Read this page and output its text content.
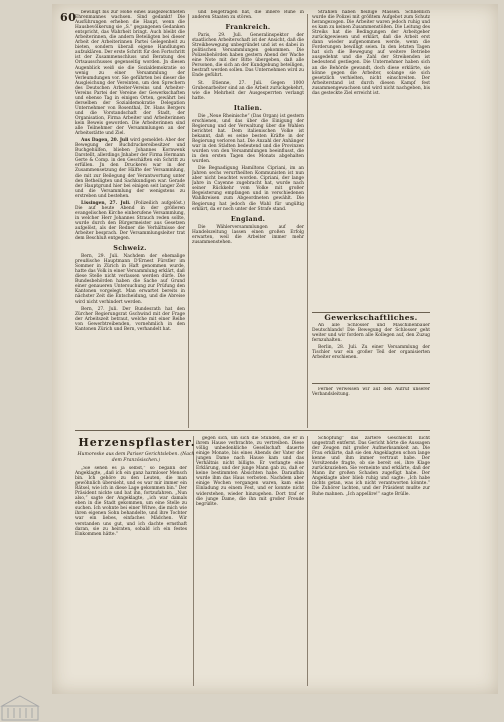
60	bewilligt bis zur Höhe eines ausgezeichneten Ehrenmannes wachsen. Sind gedankt! Die Ausführungen erheben die Haupt, wenn die Hausbevölkerung sie „S.“ gegangenen Gedanken entspricht, das Wahrheit bringt. Auch bleibt die Arbeiterinnen, die andern Beteiligten bei dieser Arbeit der Arbeiterinnen Partei Gelegenheit zu bieten, sondern überall eigene Handlungen aufzuklären. Der erste Schritt für den Fortschritt ist der Zusammenschluss und Beratung des Ortsausschusses gegenseitig worden. Jn diesen Augenblick weiß sie die Sozialdemokratie so wenig zu einer Versammlung der Verleumdungen vor. Sie geführten bei dieser die Ausgleichung der Vereinten, um den Sprechern des Deutschen Arbeiter-Vereins und Arbeiter-Vereins Partei der Vereine der Gewerkschaften und ebenso Tag in einigen Orten, gewährt bei derselben der Sozialdemokratie Delegation Unternehmer von Rosenthal, Dr. Hans Bergers und die Vorstandschaft der Stadt, der Organisation, Firma Arbeiter und Arbeiterinnen kein Beweis geworden. Die Arbeiterinnen sind alle Teilnehmer der Versammlungen an der Arbeitsstätte und Ziel.

Aus Dagen, 20. Juli wird gemeldet: Aber der Bewegung der Buchdruckereibesitzer und Buchgehülfen, blieben Johannes Kornwenk Darstellt, allerdings Jnhaber der Firma Hermann Gerte & Comp. in den Geschäften ein Schritt zu erfüllen. Jn den Druckerei war in der Zusammensetzung der Hälfte der Versammlung, die mit zur Beilegung der Verantwortung unter den Betheiligten und Sachkundigen war. Gerade der Hauptgrund hier bei einigen seit langer Zeit und die Versammlung der wenigstens zu erstreben und bestehen.

Lissingen, 27. Juli. (Polizeilich aufgelöst.) Die auf heute Abend in der größeren evangelischen Kirche einberufene Versammlung, in welcher Herr Johannes Strauch reden sollte, wurde durch den Bürgermeister aus Gesetzen aufgelöst, als der Redner die Verhältnisse der Arbeiter besprach. Der Versammlungsleiter trat dem Beschluß entgegen.

Schweiz.

Bern, 29. Juli. Nachdem der ehemalige preußische Hauptmann D'Ernest Fürstler im Sommer in Zürich in Haft genommen wurde, hatte das Volk in einer Versammlung erklärt, daß diese Stelle nicht verlassen werden dürfe. Die Bundesbehörden haben die Sache auf Grund einer genaueren Untersuchung zur Prüfung den Kantonen vorgelegt. Man erwartet bereits in nächster Zeit die Entscheidung, und die Abreise wird nicht verhindert werden.

Bern, 27. Juli. Der Bundesrath hat den Zürcher Regierungsrat Gschwind mit der Frage der Arbeitszeit betraut, welche mit einer Reihe von Gewerbtreibenden, vornehmlich in den Kantonen Zürich und Bern, verhandelt hat.

und beigetragen hat, die innere Ruhe in anderen Staaten zu stören.

Frankreich.

Paris, 29. Juli. Generalinspektor der staatlichen Arbeiterschaft ist der Ansicht, daß die Streikbewegung unbegründet und ist es dabei in politischen Versammlungen gekommen. Die Polizeibehörden haben gestern Abend der Wache eine Note mit der Bitte übergeben, daß alle Personen, die sich an der Kundgebung beteiligen, bestraft werden sollen. Das Unternehmen wird zu Ende geführt.

St. Etienne, 27. Juli. Gegen 1000 Grubenarbeiter sind an die Arbeit zurückgekehrt, wie die Mehrheit der Ausgesperrten verlangt hatte.

Italien.

Die „Neue Rheinische“ (Das Organ) ist gestern erschienen, und das über die Einigung der Regierung und der Verwaltung über die Wahlen berichtet hat. Dem italienischen Volke ist bekannt, daß es seine besten Kräfte in der Regierung verloren hat. Die Anzahl der Anhänger war in den Städten bedeutend und die Provinzen wurden von den Versammlungen beeinflusst, die in den ersten Tagen des Monats abgehalten wurden.

Die Begnadigung Hamiltons Cipriani, im an Jahren sechs verurtheilten Kommunisten ist nun aber nicht beachtet worden. Cipriani, der lange Jahre in Cayenne zugebracht hat, wurde nach seiner Rückkehr vom Volke mit großer Begeisterung empfangen und in verschiedenen Wahlkreisen zum Abgeordneten gewählt. Die Regierung hat jedoch die Wahl für ungültig erklärt, da er noch unter der Strafe stand.

England.

Die Wählerversammlungen auf der Handelszeitung lassen einen großen Erfolg erwarten, weil die Arbeiter immer mehr zusammenstehen.

Strahlen haben fleißige Massen. Schließlich wurde die Polizei mit größtem Aufgebot zum Schutz herangezogen. Die Arbeiter waren jedoch ruhig und es kam zu keinen Zusammenstößen. Die Leitung des Streiks hat die Bedingungen der Arbeitgeber zurückgewiesen und erklärt, daß die Arbeit erst dann wieder aufgenommen werde, wenn die Forderungen bewilligt seien. In den letzten Tagen hat sich die Bewegung auf weitere Betriebe ausgedehnt und die Zahl der Streikenden ist bedeutend gestiegen. Die Unternehmer haben sich an die Behörde gewandt, doch diese erklärte, sie könne gegen die Arbeiter, solange sie sich gesetzlich verhielten, nicht einschreiten. Der Arbeiterstand ist durch diesen Kampf fest zusammengewachsen und wird nicht nachgeben, bis das gesteckte Ziel erreicht ist.

Gewerkschaftliches.

An alle Schlosser und Maschinenbauer Deutschlands! Die Bewegung der Schlosser geht weiter und wir fordern alle Kollegen auf, den Zuzug fernzuhalten.

Berlin, 28. Juli. Zu einer Versammlung der Tischler war ein großer Teil der organisierten Arbeiter erschienen.

Ferner verweisen wir auf den Aufruf unserer Verbandsleitung.

Herzenspflaster.
Humoreske aus dem Pariser Gerichtsleben. (Nach dem Französischen.)

„Sie sehen es ja selbst,“ so begann der Angeklagte, „daß ich ein ganz harmloser Mensch bin. Ich gehöre zu den Leuten, die man gewöhnlich übersieht, und es war mir immer ein Rätsel, wie ich in diese Lage gekommen bin.“ Der Präsident nickte und bat ihn, fortzufahren. „Nun also,“ sagte der Angeklagte, „ich war damals eben in die Stadt gekommen, um eine Stelle zu suchen. Ich wohnte bei einer Witwe, die mich wie ihren eigenen Sohn behandelte, und ihre Tochter war ein liebes, einfaches Mädchen. Wir verstanden uns gut, und ich dachte ernsthaft daran, sie zu heiraten, sobald ich ein festes Einkommen hätte.“

gegen sich, um sich die Stunden, die er in ihrem Hause verbrachte, zu vertreiben. Diese völlig unbedenkliche Gesellschaft dauerte einige Monate, bis eines Abends der Vater der jungen Dame nach Hause kam und das Verhältnis nicht billigte. Er verlangte eine Erklärung, und der junge Mann gab zu, daß er keine bestimmten Absichten habe. Daraufhin wurde ihm das Haus verboten. Nachdem aber einige Wochen vergangen waren, kam eine Einladung zu einem Fest, und er konnte nicht widerstehen, wieder hinzugehen. Dort traf er die junge Dame, die ihn mit großer Freude begrüßte.

Schöpfung“ das zartere Geschlecht nicht ungestraft entfernt. Das Gericht hörte die Aussagen der Zeugen mit großer Aufmerksamkeit an. Die Frau erklärte, daß sie den Angeklagten schon lange kenne und ihm immer vertraut habe. Der Vorsitzende fragte, ob sie bereit sei, ihre Klage zurückzuziehen. Sie verneinte und erklärte, daß der Mann ihr großen Schaden zugefügt habe. Der Angeklagte aber blieb ruhig und sagte: „Ich habe nichts getan, was ich nicht verantworten könnte.“ Die Zuhörer lachten, und der Präsident mußte zur Ruhe mahnen. „Ich appellire!“ sagte Brülle.
